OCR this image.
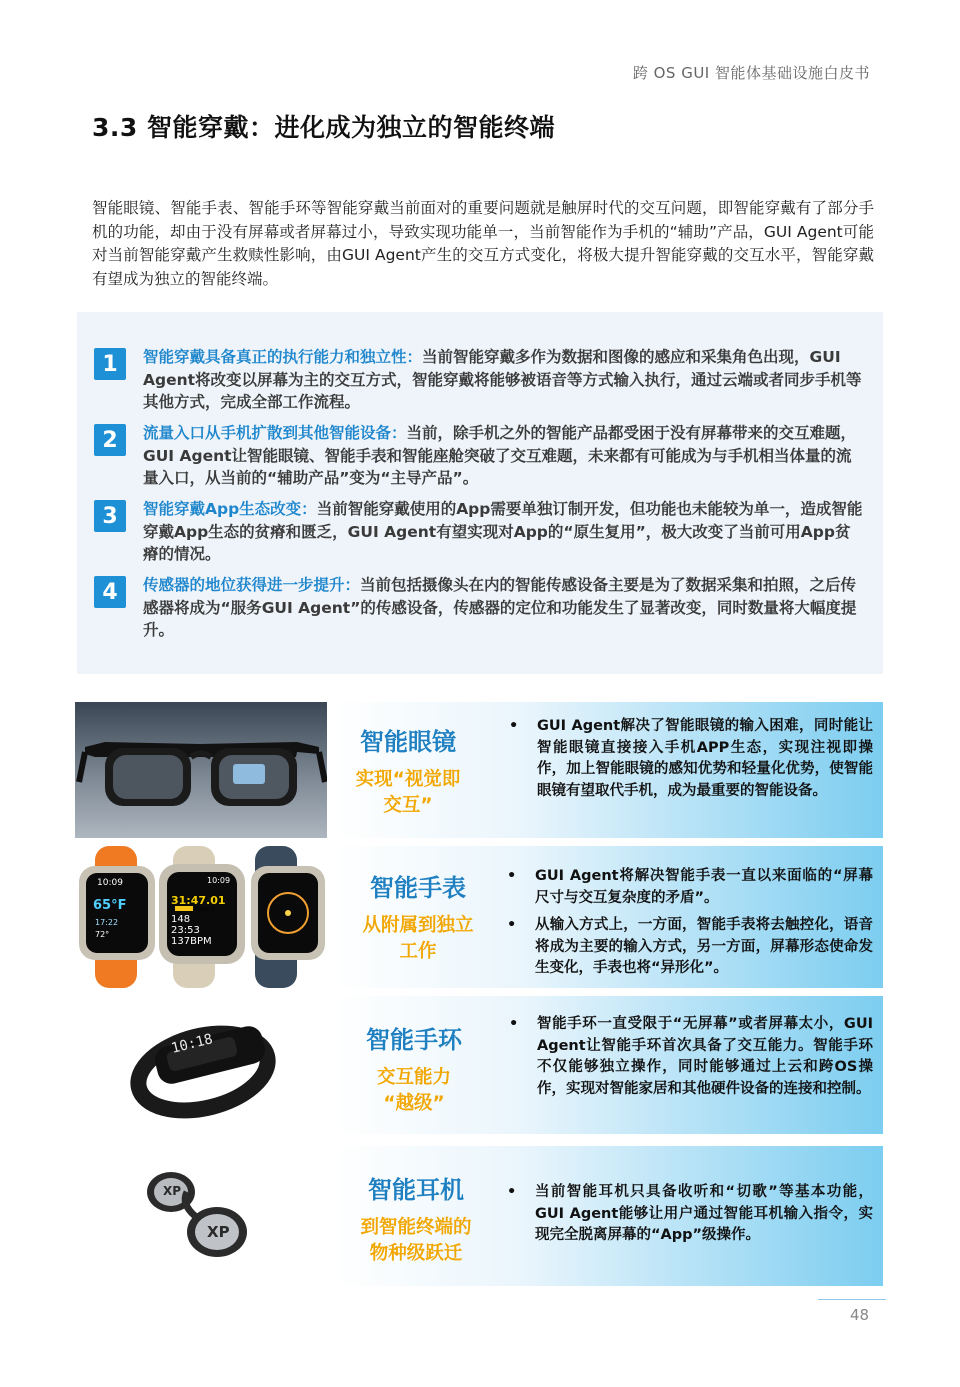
跨 OS GUI 智能体基础设施白皮书
3.3 智能穿戴：进化成为独立的智能终端
智能眼镜、智能手表、智能手环等智能穿戴当前面对的重要问题就是触屏时代的交互问题，即智能穿戴有了部分手机的功能，却由于没有屏幕或者屏幕过小，导致实现功能单一，当前智能作为手机的“辅助”产品，GUI Agent可能对当前智能穿戴产生救赎性影响，由GUI Agent产生的交互方式变化，将极大提升智能穿戴的交互水平，智能穿戴有望成为独立的智能终端。
1	智能穿戴具备真正的执行能力和独立性：当前智能穿戴多作为数据和图像的感应和采集角色出现，GUI Agent将改变以屏幕为主的交互方式，智能穿戴将能够被语音等方式输入执行，通过云端或者同步手机等其他方式，完成全部工作流程。
2	流量入口从手机扩散到其他智能设备：当前，除手机之外的智能产品都受困于没有屏幕带来的交互难题，GUI Agent让智能眼镜、智能手表和智能座舱突破了交互难题，未来都有可能成为与手机相当体量的流量入口，从当前的“辅助产品”变为“主导产品”。
3	智能穿戴App生态改变：当前智能穿戴使用的App需要单独订制开发，但功能也未能较为单一，造成智能穿戴App生态的贫瘠和匮乏，GUI Agent有望实现对App的“原生复用”，极大改变了当前可用App贫瘠的情况。
4	传感器的地位获得进一步提升：当前包括摄像头在内的智能传感设备主要是为了数据采集和拍照，之后传感器将成为“服务GUI Agent”的传感设备，传感器的定位和功能发生了显著改变，同时数量将大幅度提升。
智能眼镜
实现“视觉即
交互”
• GUI Agent解决了智能眼镜的输入困难，同时能让智能眼镜直接接入手机APP生态，实现注视即操作，加上智能眼镜的感知优势和轻量化优势，使智能眼镜有望取代手机，成为最重要的智能设备。
10:09
65°F
17:22
72°
10:09
31:47.01
ZONE 3
148
23:53
137BPM
智能手表
从附属到独立
工作
• GUI Agent将解决智能手表一直以来面临的“屏幕尺寸与交互复杂度的矛盾”。
• 从输入方式上，一方面，智能手表将去触控化，语音将成为主要的输入方式，另一方面，屏幕形态使命发生变化，手表也将“异形化”。
10:18	智能手环
交互能力
“越级”
• 智能手环一直受限于“无屏幕”或者屏幕太小，GUI Agent让智能手环首次具备了交互能力。智能手环不仅能够独立操作，同时能够通过上云和跨OS操作，实现对智能家居和其他硬件设备的连接和控制。
XP
XP
智能耳机
到智能终端的
物种级跃迁
• 当前智能耳机只具备收听和“切歌”等基本功能，GUI Agent能够让用户通过智能耳机输入指令，实现完全脱离屏幕的“App”级操作。
48
